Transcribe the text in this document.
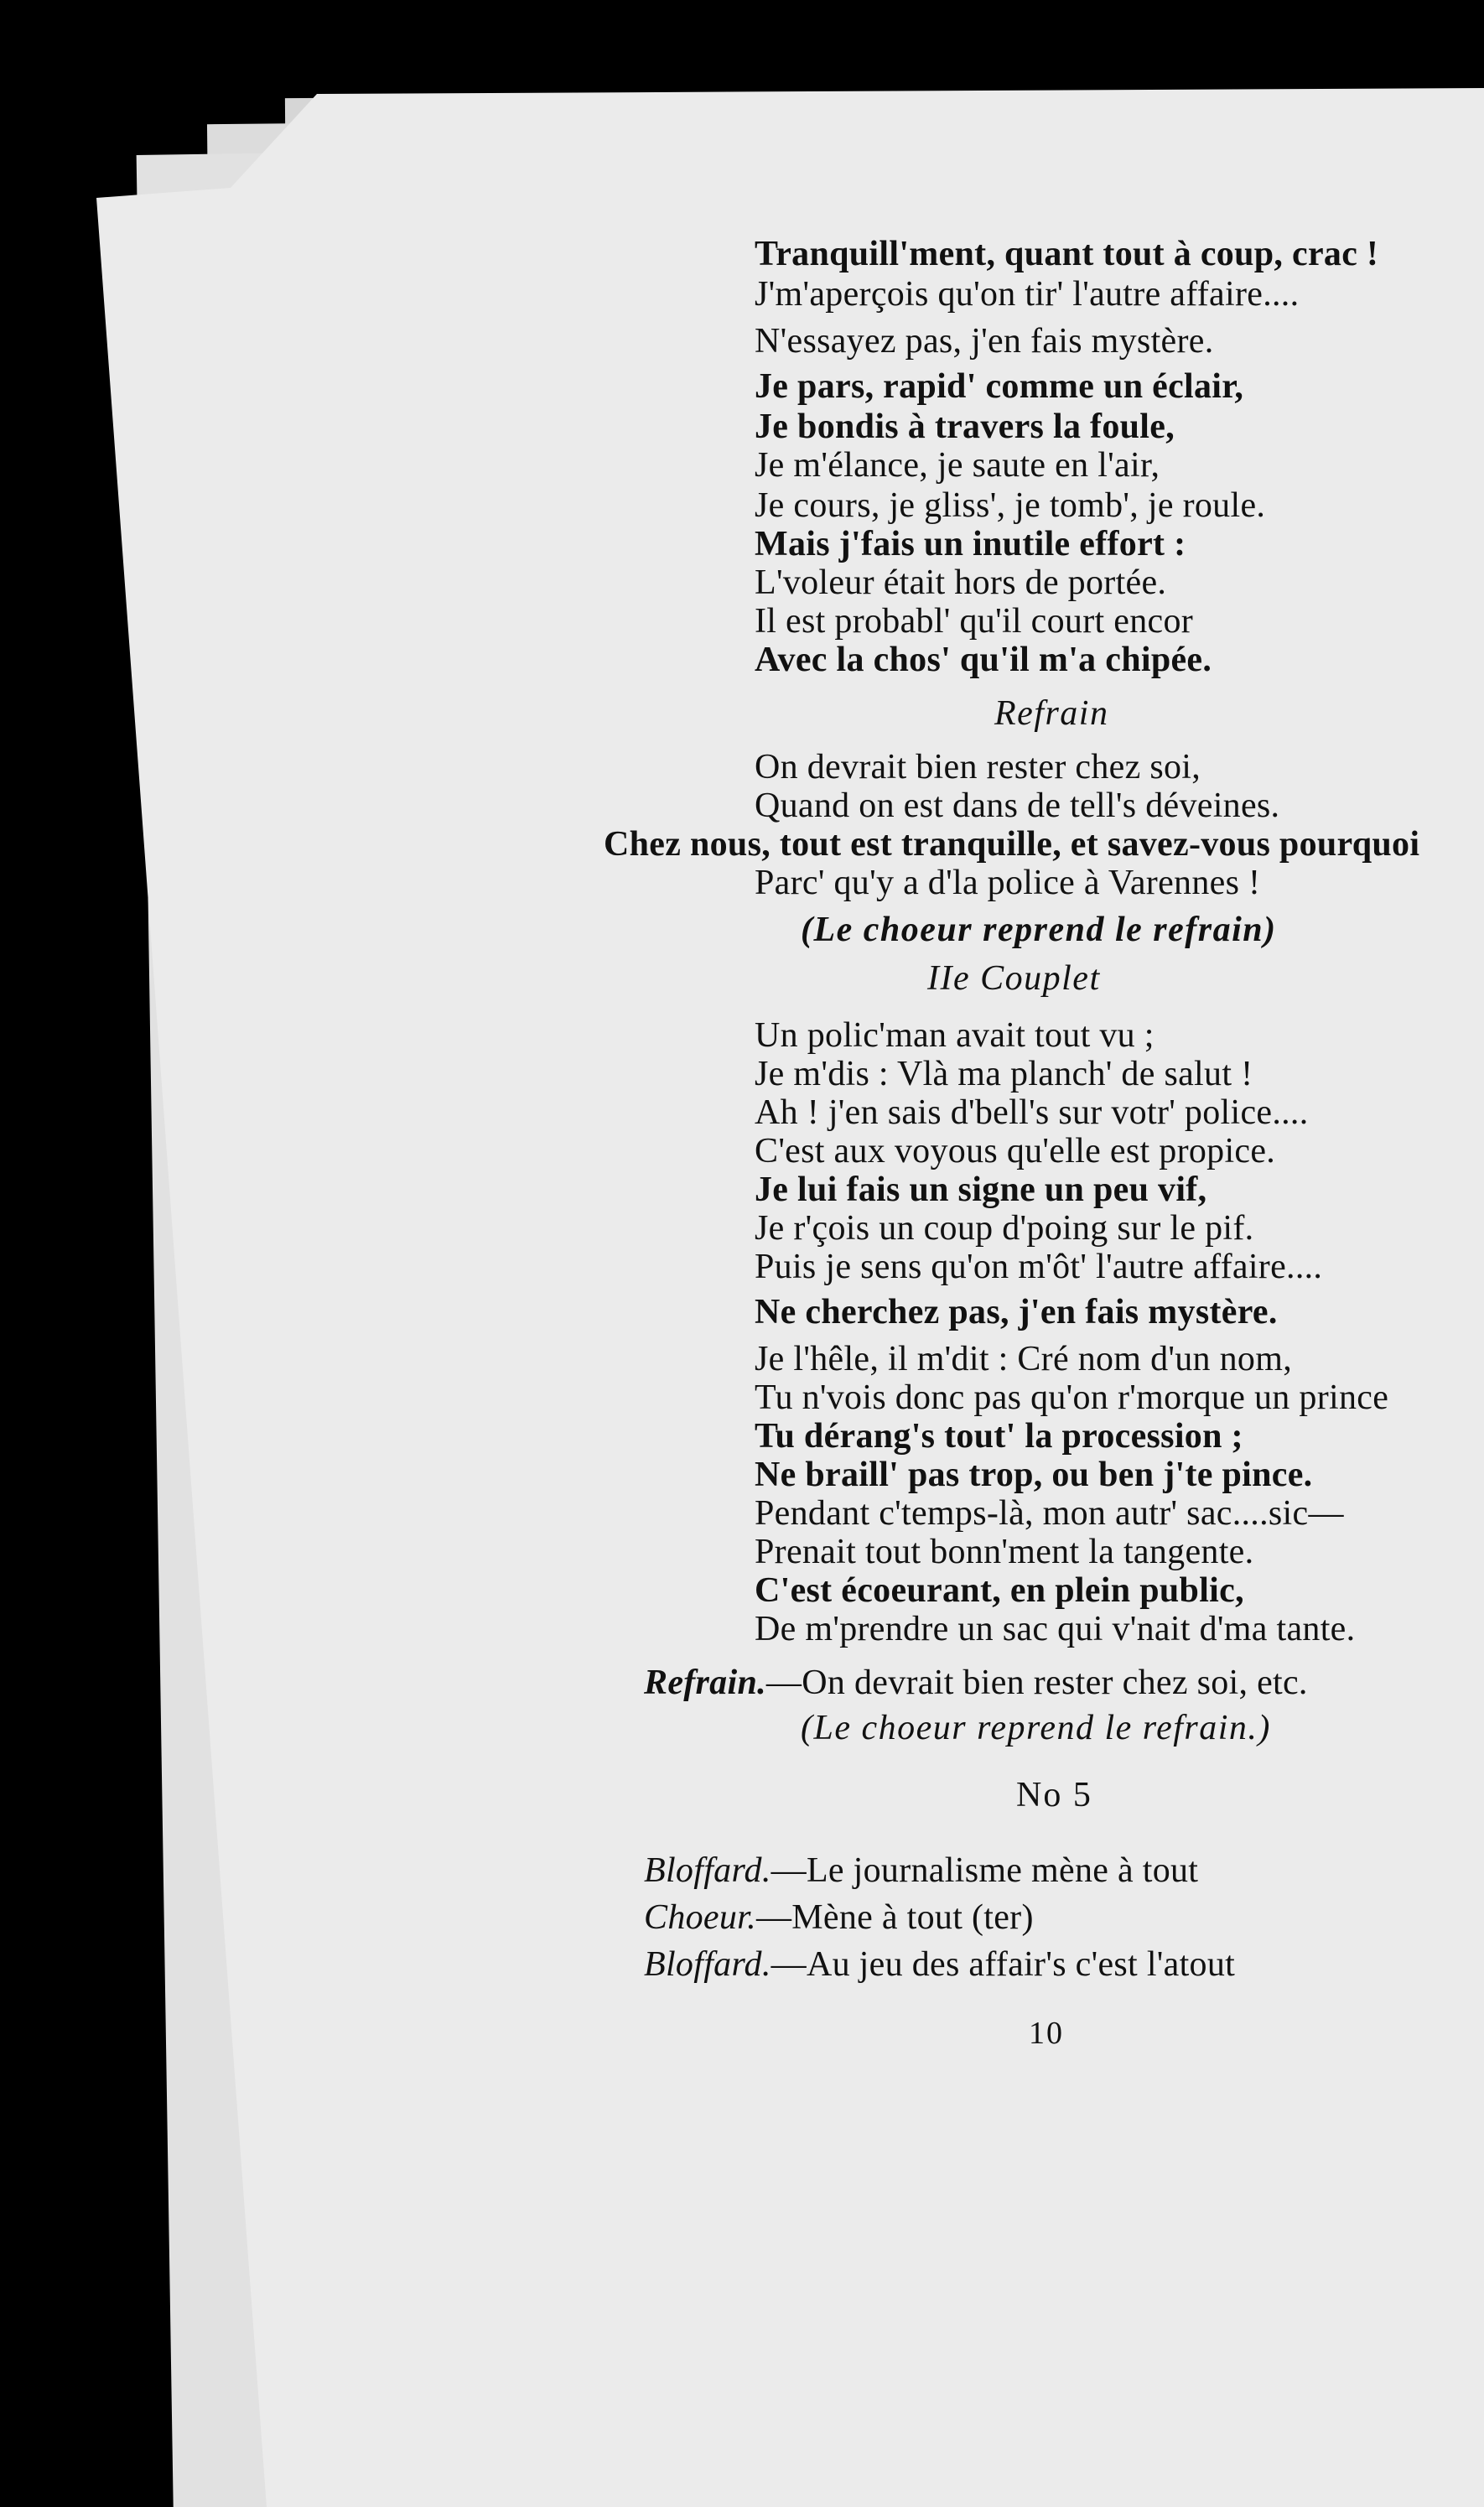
Tranquill'ment, quant tout à coup, crac !
J'm'aperçois qu'on tir' l'autre affaire....
N'essayez pas, j'en fais mystère.
Je pars, rapid' comme un éclair,
Je bondis à travers la foule,
Je m'élance, je saute en l'air,
Je cours, je gliss', je tomb', je roule.
Mais j'fais un inutile effort :
L'voleur était hors de portée.
Il est probabl' qu'il court encor
Avec la chos' qu'il m'a chipée.
Refrain
On devrait bien rester chez soi,
Quand on est dans de tell's déveines.
Chez nous, tout est tranquille, et savez-vous pourquoi
Parc' qu'y a d'la police à Varennes !
(Le choeur reprend le refrain)
IIe Couplet
Un polic'man avait tout vu ;
Je m'dis : Vlà ma planch' de salut !
Ah ! j'en sais d'bell's sur votr' police....
C'est aux voyous qu'elle est propice.
Je lui fais un signe un peu vif,
Je r'çois un coup d'poing sur le pif.
Puis je sens qu'on m'ôt' l'autre affaire....
Ne cherchez pas, j'en fais mystère.
Je l'hêle, il m'dit : Cré nom d'un nom,
Tu n'vois donc pas qu'on r'morque un prince
Tu dérang's tout' la procession ;
Ne braill' pas trop, ou ben j'te pince.
Pendant c'temps-là, mon autr' sac....sic—
Prenait tout bonn'ment la tangente.
C'est écoeurant, en plein public,
De m'prendre un sac qui v'nait d'ma tante.
Refrain.—On devrait bien rester chez soi, etc.
(Le choeur reprend le refrain.)
No 5
Bloffard.—Le journalisme mène à tout
Choeur.—Mène à tout (ter)
Bloffard.—Au jeu des affair's c'est l'atout
10
